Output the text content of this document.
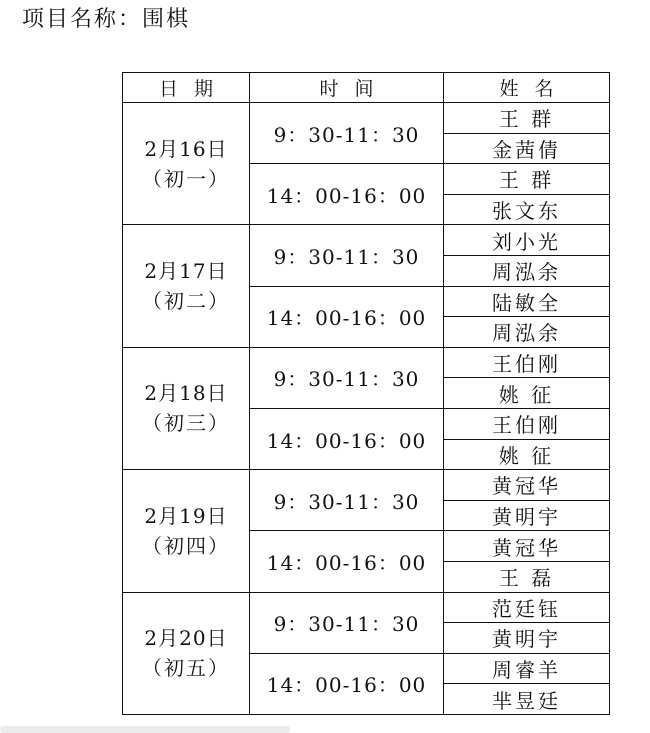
项目名称：围棋
日期	时间	姓名

2月16日
（初一）	9：30-11：30	王 群
		金茜倩
	14：00-16：00	王 群
		张文东

2月17日
（初二）	9：30-11：30	刘小光
		周泓余
	14：00-16：00	陆敏全
		周泓余

2月18日
（初三）	9：30-11：30	王伯刚
		姚 征
	14：00-16：00	王伯刚
		姚 征

2月19日
（初四）	9：30-11：30	黄冠华
		黄明宇
	14：00-16：00	黄冠华
		王 磊

2月20日
（初五）	9：30-11：30	范廷钰
		黄明宇
	14：00-16：00	周睿羊
		芈昱廷
